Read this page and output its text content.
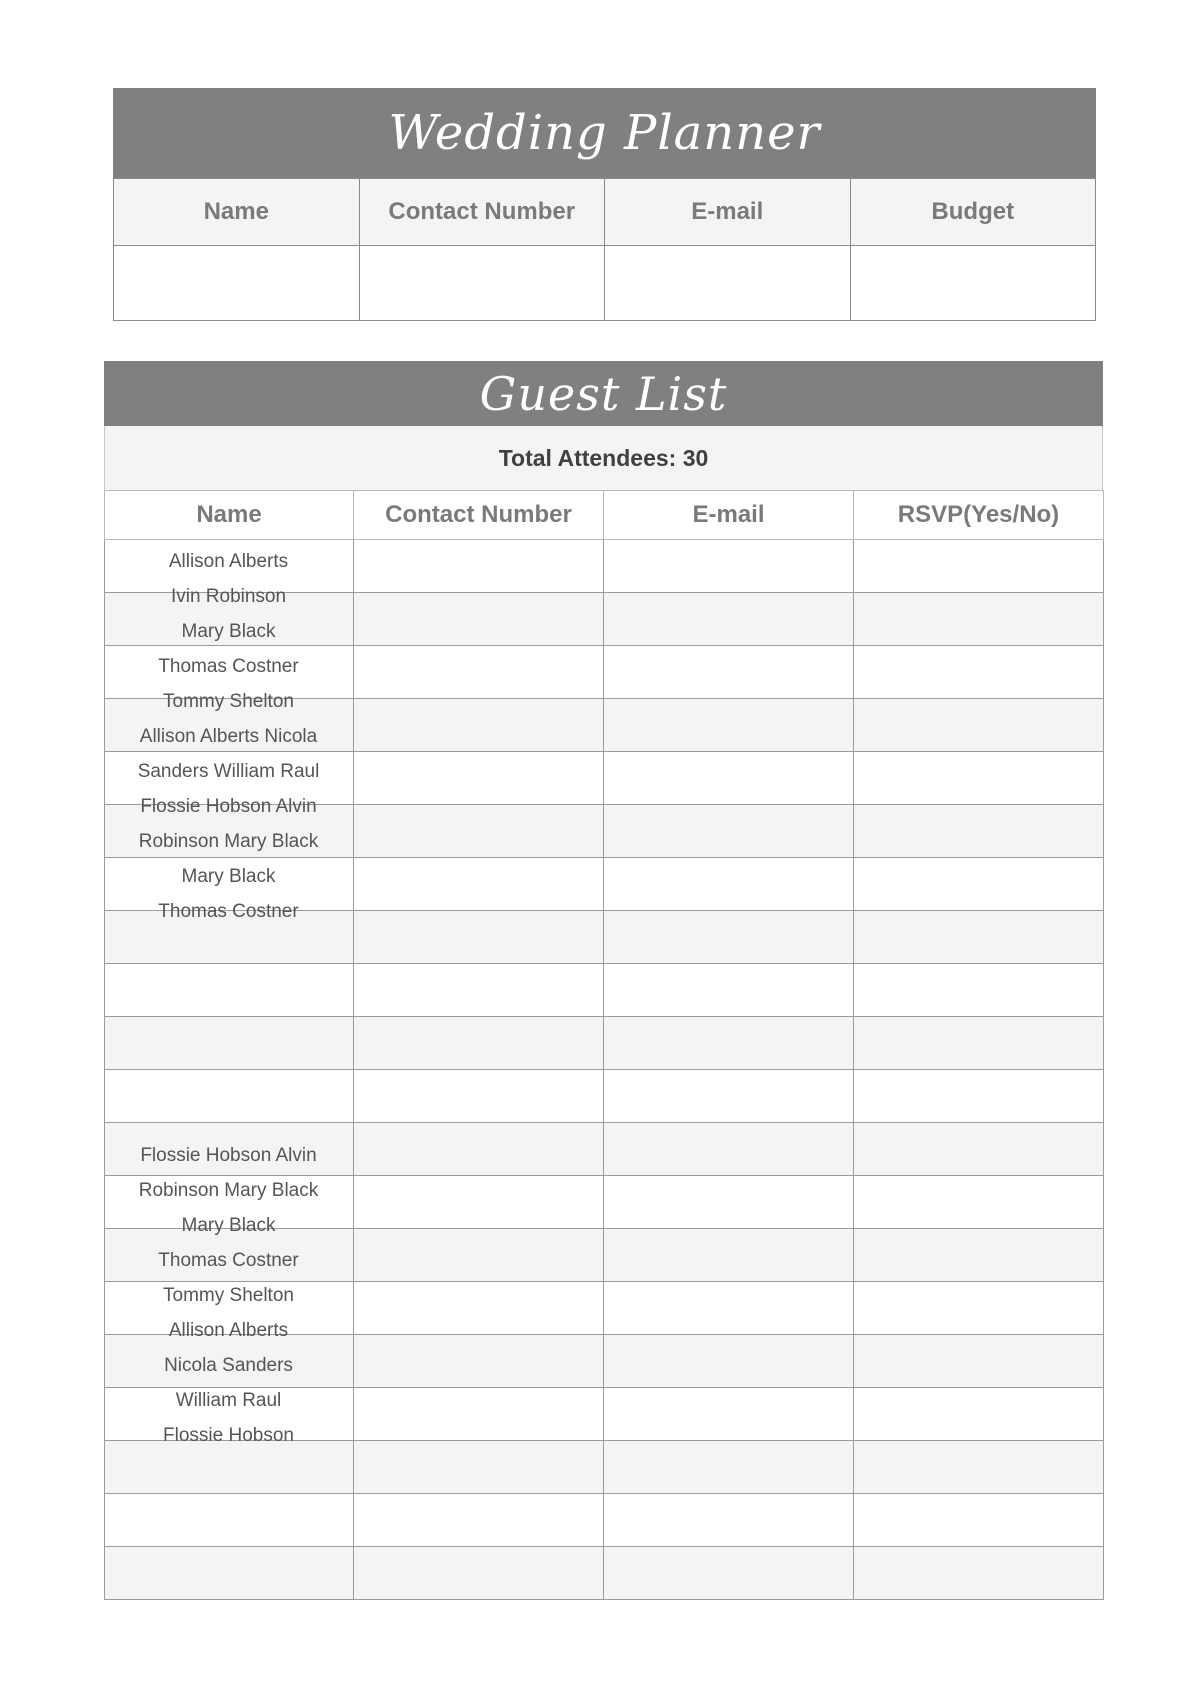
Wedding Planner
Name	Contact Number	E-mail	Budget

Guest List
Total Attendees: 30
Name	Contact Number	E-mail	RSVP(Yes/No)

Allison Alberts
Ivin Robinson
Mary Black
Thomas Costner
Tommy Shelton
Allison Alberts Nicola
Sanders William Raul
Flossie Hobson Alvin
Robinson Mary Black
Mary Black
Thomas Costner
Flossie Hobson Alvin
Robinson Mary Black
Mary Black
Thomas Costner
Tommy Shelton
Allison Alberts
Nicola Sanders
William Raul
Flossie Hobson
